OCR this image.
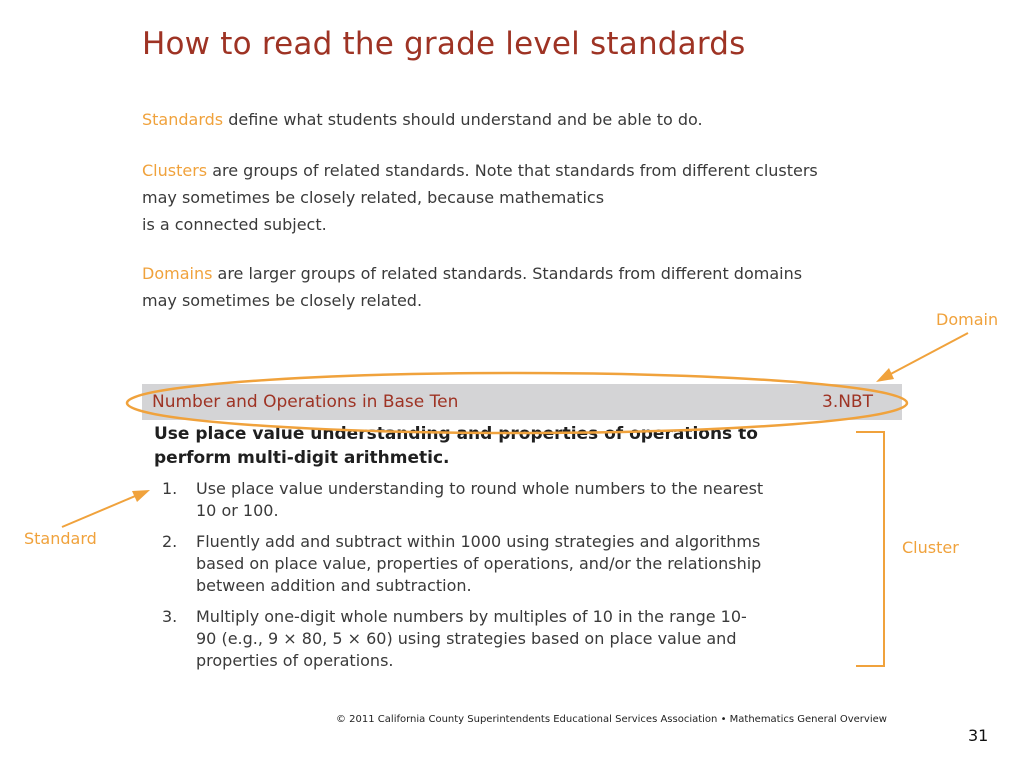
How to read the grade level standards
Standards define what students should understand and be able to do.
Clusters are groups of related standards. Note that standards from different clusters
may sometimes be closely related, because mathematics
is a connected subject.
Domains are larger groups of related standards. Standards from different domains
may sometimes be closely related.
Number and Operations in Base Ten	3.NBT
Use place value understanding and properties of operations to
perform multi-digit arithmetic.
1. Use place value understanding to round whole numbers to the nearest
10 or 100.
2. Fluently add and subtract within 1000 using strategies and algorithms
based on place value, properties of operations, and/or the relationship
between addition and subtraction.
3. Multiply one-digit whole numbers by multiples of 10 in the range 10-
90 (e.g., 9 × 80, 5 × 60) using strategies based on place value and
properties of operations.
Domain
Standard	Cluster
© 2011 California County Superintendents Educational Services Association • Mathematics General Overview
31
